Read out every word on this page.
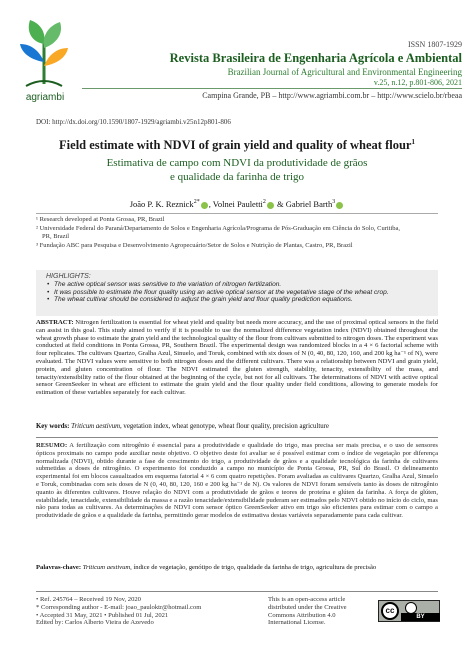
agriambi
ISSN 1807-1929
Revista Brasileira de Engenharia Agrícola e Ambiental
Brazilian Journal of Agricultural and Environmental Engineering
v.25, n.12, p.801-806, 2021
Campina Grande, PB – http://www.agriambi.com.br – http://www.scielo.br/rbeaa
DOI: http://dx.doi.org/10.1590/1807-1929/agriambi.v25n12p801-806
Field estimate with NDVI of grain yield and quality of wheat flour$^1$
Estimativa de campo com NDVI da produtividade de grãos
e qualidade da farinha de trigo
João P. K. Reznick$^{2*}$ , Volnei Pauletti$^2$ & Gabriel Barth$^3$
¹ Research developed at Ponta Grossa, PR, Brazil
² Universidade Federal do Paraná/Departamento de Solos e Engenharia Agrícola/Programa de Pós-Graduação em Ciência do Solo, Curitiba,
PR, Brazil
³ Fundação ABC para Pesquisa e Desenvolvimento Agropecuário/Setor de Solos e Nutrição de Plantas, Castro, PR, Brazil
HIGHLIGHTS:
• The active optical sensor was sensitive to the variation of nitrogen fertilization.
• It was possible to estimate the flour quality using an active optical sensor at the vegetative stage of the wheat crop.
• The wheat cultivar should be considered to adjust the grain yield and flour quality prediction equations.
ABSTRACT: Nitrogen fertilization is essential for wheat yield and quality but needs more accuracy, and the use of proximal optical sensors in the field can assist in this goal. This study aimed to verify if it is possible to use the normalized difference vegetation index (NDVI) obtained throughout the wheat growth phase to estimate the grain yield and the technological quality of the flour from cultivars submitted to nitrogen doses. The experiment was conducted at field conditions in Ponta Grossa, PR, Southern Brazil. The experimental design was randomized blocks in a 4 × 6 factorial scheme with four replicates. The cultivars Quartzo, Gralha Azul, Sinuelo, and Toruk, combined with six doses of N (0, 40, 80, 120, 160, and 200 kg ha⁻¹ of N), were evaluated. The NDVI values were sensitive to both nitrogen doses and the different cultivars. There was a relationship between NDVI and grain yield, protein, and gluten concentration of flour. The NDVI estimated the gluten strength, stability, tenacity, extensibility of the mass, and tenacity/extensibility ratio of the flour obtained at the beginning of the cycle, but not for all cultivars. The determinations of NDVI with active optical sensor GreenSeeker in wheat are efficient to estimate the grain yield and the flour quality under field conditions, allowing to generate models for estimation of these variables separately for each cultivar.
Key words: Triticum aestivum, vegetation index, wheat genotype, wheat flour quality, precision agriculture
RESUMO: A fertilização com nitrogênio é essencial para a produtividade e qualidade do trigo, mas precisa ser mais precisa, e o uso de sensores ópticos proximais no campo pode auxiliar neste objetivo. O objetivo deste foi avaliar se é possível estimar com o índice de vegetação por diferença normalizada (NDVI), obtido durante a fase de crescimento do trigo, a produtividade de grãos e a qualidade tecnológica da farinha de cultivares submetidas a doses de nitrogênio. O experimento foi conduzido a campo no município de Ponta Grossa, PR, Sul do Brasil. O delineamento experimental foi em blocos casualizados em esquema fatorial 4 × 6 com quatro repetições. Foram avaliadas as cultivares Quartzo, Gralha Azul, Sinuelo e Toruk, combinadas com seis doses de N (0, 40, 80, 120, 160 e 200 kg ha⁻¹ de N). Os valores de NDVI foram sensíveis tanto às doses de nitrogênio quanto às diferentes cultivares. Houve relação do NDVI com a produtividade de grãos e teores de proteína e glúten da farinha. A força de glúten, estabilidade, tenacidade, extensibilidade da massa e a razão tenacidade/extensibilidade puderam ser estimados pelo NDVI obtido no início do ciclo, mas não para todas as cultivares. As determinações de NDVI com sensor óptico GreenSeeker ativo em trigo são eficientes para estimar com o campo a produtividade de grãos e a qualidade da farinha, permitindo gerar modelos de estimativa destas variáveis separadamente para cada cultivar.
Palavras-chave: Triticum aestivum, índice de vegetação, genótipo de trigo, qualidade da farinha de trigo, agricultura de precisão
• Ref. 245764 – Received 19 Nov, 2020
* Corresponding author - E-mail: joao_pauloktr@hotmail.com
• Accepted 31 May, 2021 • Published 01 Jul, 2021
Edited by: Carlos Alberto Vieira de Azevedo
This is an open-access article distributed under the Creative Commons Attribution 4.0 International License.
cc
BY
